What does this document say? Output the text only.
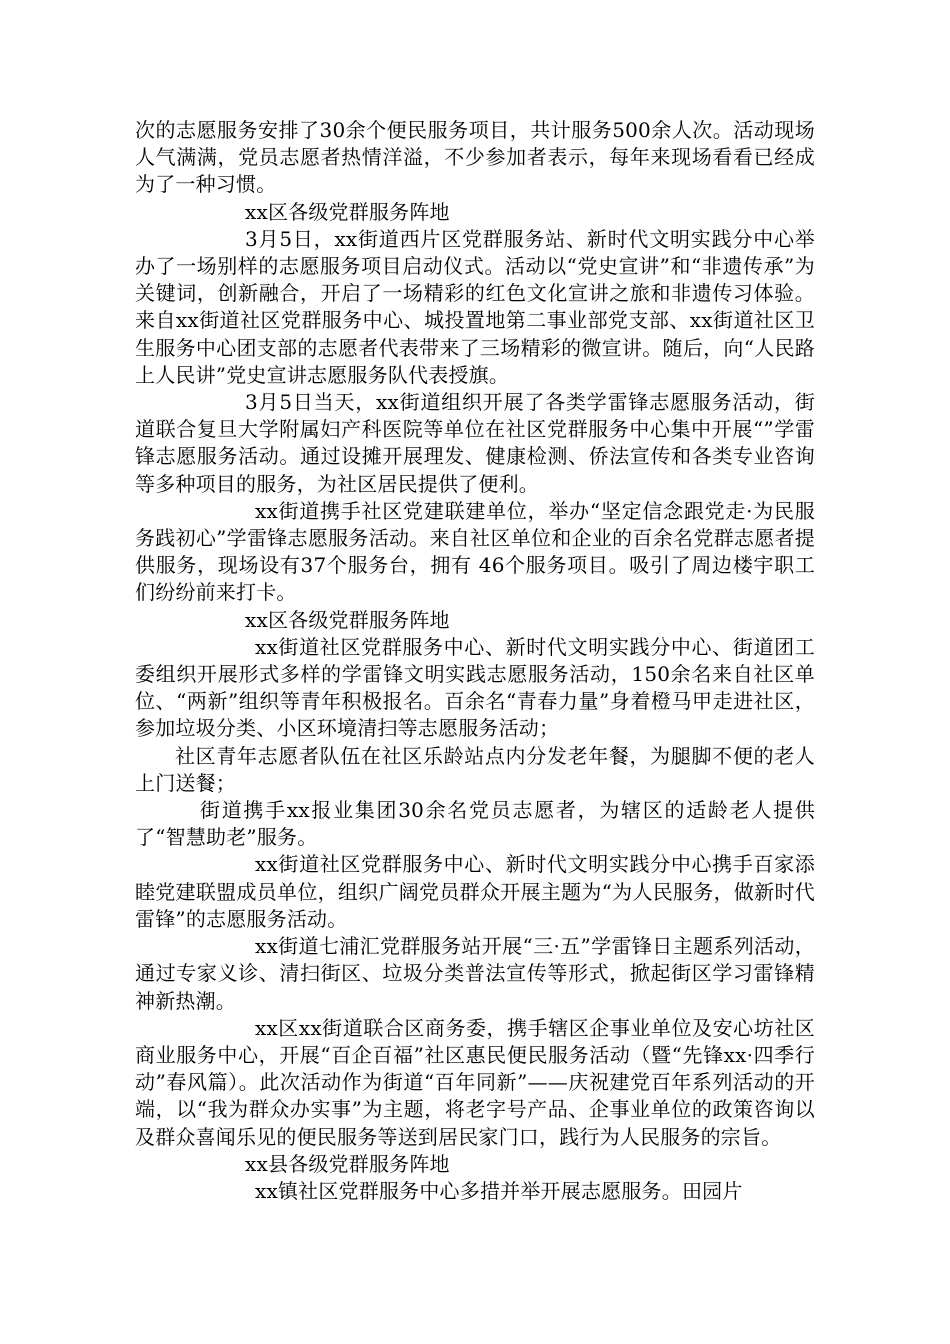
次的志愿服务安排了30余个便民服务项目，共计服务500余人次。活动现场人气满满，党员志愿者热情洋溢，不少参加者表示，每年来现场看看已经成为了一种习惯。

xx区各级党群服务阵地

3月5日，xx街道西片区党群服务站、新时代文明实践分中心举办了一场别样的志愿服务项目启动仪式。活动以“党史宣讲”和“非遗传承”为关键词，创新融合，开启了一场精彩的红色文化宣讲之旅和非遗传习体验。来自xx街道社区党群服务中心、城投置地第二事业部党支部、xx街道社区卫生服务中心团支部的志愿者代表带来了三场精彩的微宣讲。随后，向“人民路上人民讲”党史宣讲志愿服务队代表授旗。

3月5日当天，xx街道组织开展了各类学雷锋志愿服务活动，街道联合复旦大学附属妇产科医院等单位在社区党群服务中心集中开展“”学雷锋志愿服务活动。通过设摊开展理发、健康检测、侨法宣传和各类专业咨询等多种项目的服务，为社区居民提供了便利。

xx街道携手社区党建联建单位，举办“坚定信念跟党走·为民服务践初心”学雷锋志愿服务活动。来自社区单位和企业的百余名党群志愿者提供服务，现场设有37个服务台，拥有 46个服务项目。吸引了周边楼宇职工们纷纷前来打卡。

xx区各级党群服务阵地

xx街道社区党群服务中心、新时代文明实践分中心、街道团工委组织开展形式多样的学雷锋文明实践志愿服务活动，150余名来自社区单位、“两新”组织等青年积极报名。百余名“青春力量”身着橙马甲走进社区，参加垃圾分类、小区环境清扫等志愿服务活动；

社区青年志愿者队伍在社区乐龄站点内分发老年餐，为腿脚不便的老人上门送餐；

街道携手xx报业集团30余名党员志愿者，为辖区的适龄老人提供了“智慧助老”服务。

xx街道社区党群服务中心、新时代文明实践分中心携手百家添睦党建联盟成员单位，组织广阔党员群众开展主题为“为人民服务，做新时代雷锋”的志愿服务活动。

xx街道七浦汇党群服务站开展“三·五”学雷锋日主题系列活动，通过专家义诊、清扫街区、垃圾分类普法宣传等形式，掀起街区学习雷锋精神新热潮。

xx区xx街道联合区商务委，携手辖区企事业单位及安心坊社区商业服务中心，开展“百企百福”社区惠民便民服务活动（暨“先锋xx·四季行动”春风篇）。此次活动作为街道“百年同新”——庆祝建党百年系列活动的开端，以“我为群众办实事”为主题，将老字号产品、企事业单位的政策咨询以及群众喜闻乐见的便民服务等送到居民家门口，践行为人民服务的宗旨。

xx县各级党群服务阵地

xx镇社区党群服务中心多措并举开展志愿服务。田园片
